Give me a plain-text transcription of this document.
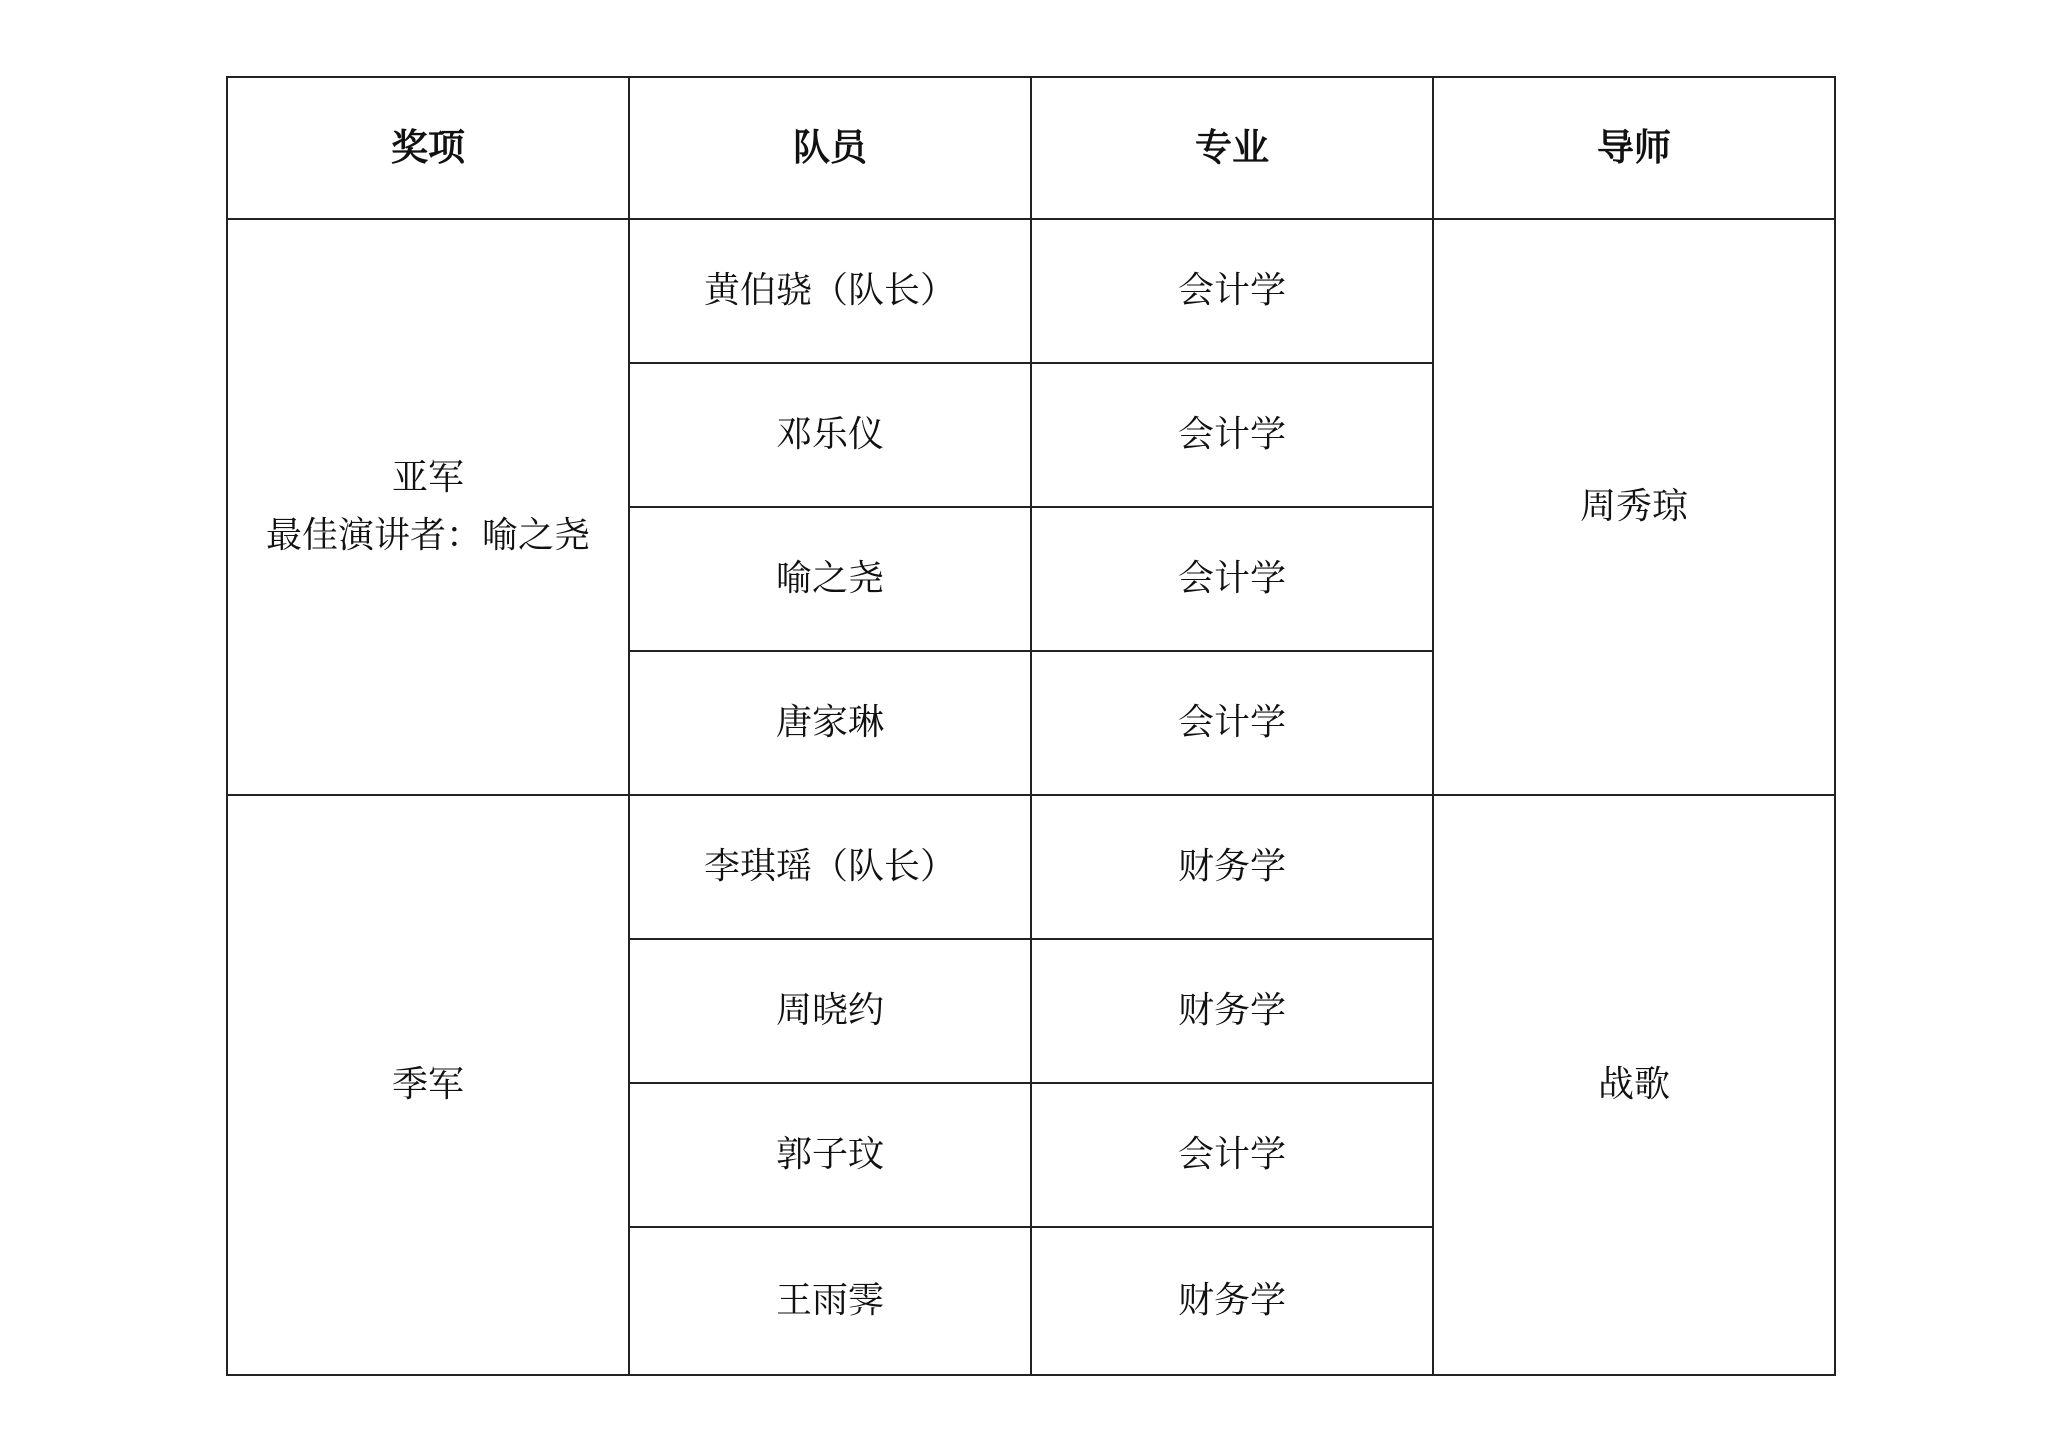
奖项	队员	专业	导师

亚军
最佳演讲者：喻之尧	黄伯骁（队长）	会计学	周秀琼
	邓乐仪	会计学	
	喻之尧	会计学	
	唐家琳	会计学	

季军	李琪瑶（队长）	财务学	战歌
	周晓约	财务学	
	郭子玟	会计学	
	王雨霁	财务学	
